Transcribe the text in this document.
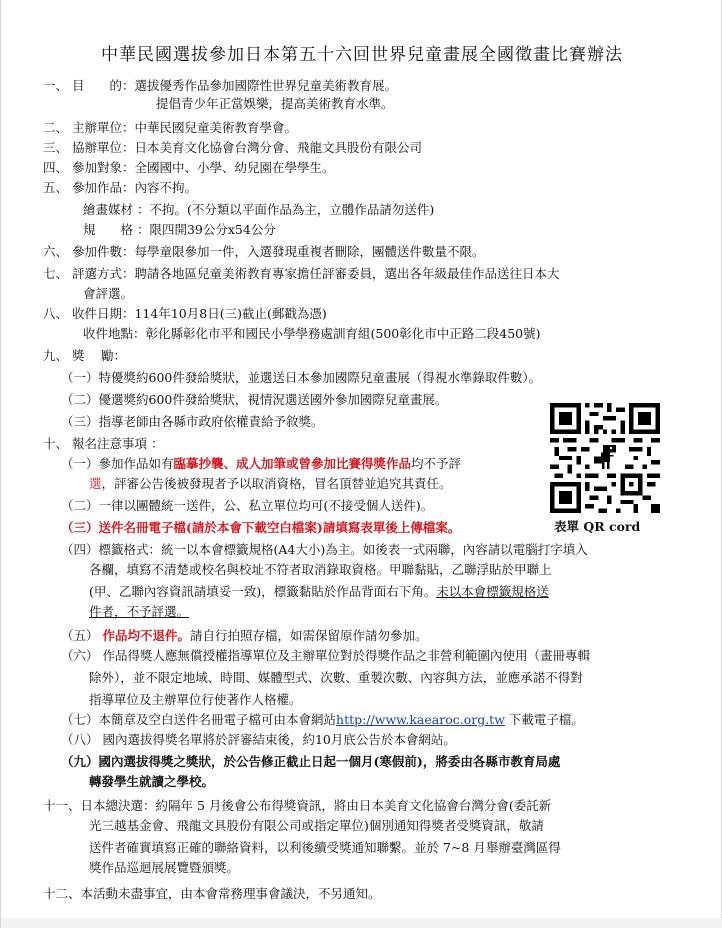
中華民國選拔參加日本第五十六回世界兒童畫展全國徵畫比賽辦法
一、 目　　的：選拔優秀作品參加國際性世界兒童美術教育展。
提倡青少年正當娛樂，提高美術教育水準。
二、 主辦單位：中華民國兒童美術教育學會。
三、 協辦單位：日本美育文化協會台灣分會、飛龍文具股份有限公司
四、 參加對象：全國國中、小學、幼兒園在學學生。
五、 參加作品：內容不拘。
繪畫媒材 ：不拘。(不分類以平面作品為主，立體作品請勿送件)
規　　格 ：限四開39公分x54公分
六、 參加件數：每學童限參加一件，入選發現重複者刪除，團體送件數量不限。
七、 評選方式：聘請各地區兒童美術教育專家擔任評審委員，選出各年級最佳作品送往日本大
會評選。
八、 收件日期：114年10月8日(三)截止(郵戳為憑)
收件地點：彰化縣彰化市平和國民小學學務處訓育組(500彰化市中正路二段450號)
九、 獎　 勵：
（一）特優獎約600件發給獎狀，並選送日本參加國際兒童畫展（得視水準錄取件數）。
（二）優選獎約600件發給獎狀，視情況選送國外參加國際兒童畫展。
（三）指導老師由各縣市政府依權責給予敘獎。
十、 報名注意事項 ：
（一）參加作品如有臨摹抄襲、成人加筆或曾參加比賽得獎作品均不予評
選，評審公告後被發現者予以取消資格，冒名頂替並追究其責任。
（二）一律以團體統一送件，公、私立單位均可(不接受個人送件)。
（三）送件名冊電子檔(請於本會下載空白檔案)請填寫表單後上傳檔案。
（四）標籤格式：統一以本會標籤規格(A4大小)為主。如後表一式兩聯，內容請以電腦打字填入
各欄，填寫不清楚或校名與校址不符者取消錄取資格。甲聯黏貼，乙聯浮貼於甲聯上
(甲、乙聯內容資訊請填妥一致)，標籤黏貼於作品背面右下角。未以本會標籤規格送
件者，不予評選。
（五） 作品均不退件。請自行拍照存檔，如需保留原作請勿參加。
（六） 作品得獎人應無償授權指導單位及主辦單位對於得獎作品之非營利範圍內使用（畫冊專輯
除外），並不限定地域、時間、媒體型式、次數、重製次數、內容與方法，並應承諾不得對
指導單位及主辦單位行使著作人格權。
（七）本簡章及空白送件名冊電子檔可由本會網站http://www.kaearoc.org.tw 下載電子檔。
（八） 國內選拔得獎名單將於評審結束後，約10月底公告於本會網站。
（九）國內選拔得獎之獎狀，於公告修正截止日起一個月(寒假前)，將委由各縣市教育局處
轉發學生就讀之學校。
十一、日本總決選：約隔年 5 月後會公布得獎資訊，將由日本美育文化協會台灣分會(委託新
光三越基金會、飛龍文具股份有限公司或指定單位)個別通知得獎者受獎資訊，敬請
送件者確實填寫正確的聯絡資料，以利後續受獎通知聯繫。並於 7~8 月舉辦臺灣區得
獎作品巡迴展展覽暨頒獎。
十二、本活動未盡事宜，由本會常務理事會議決，不另通知。
表單 QR cord
